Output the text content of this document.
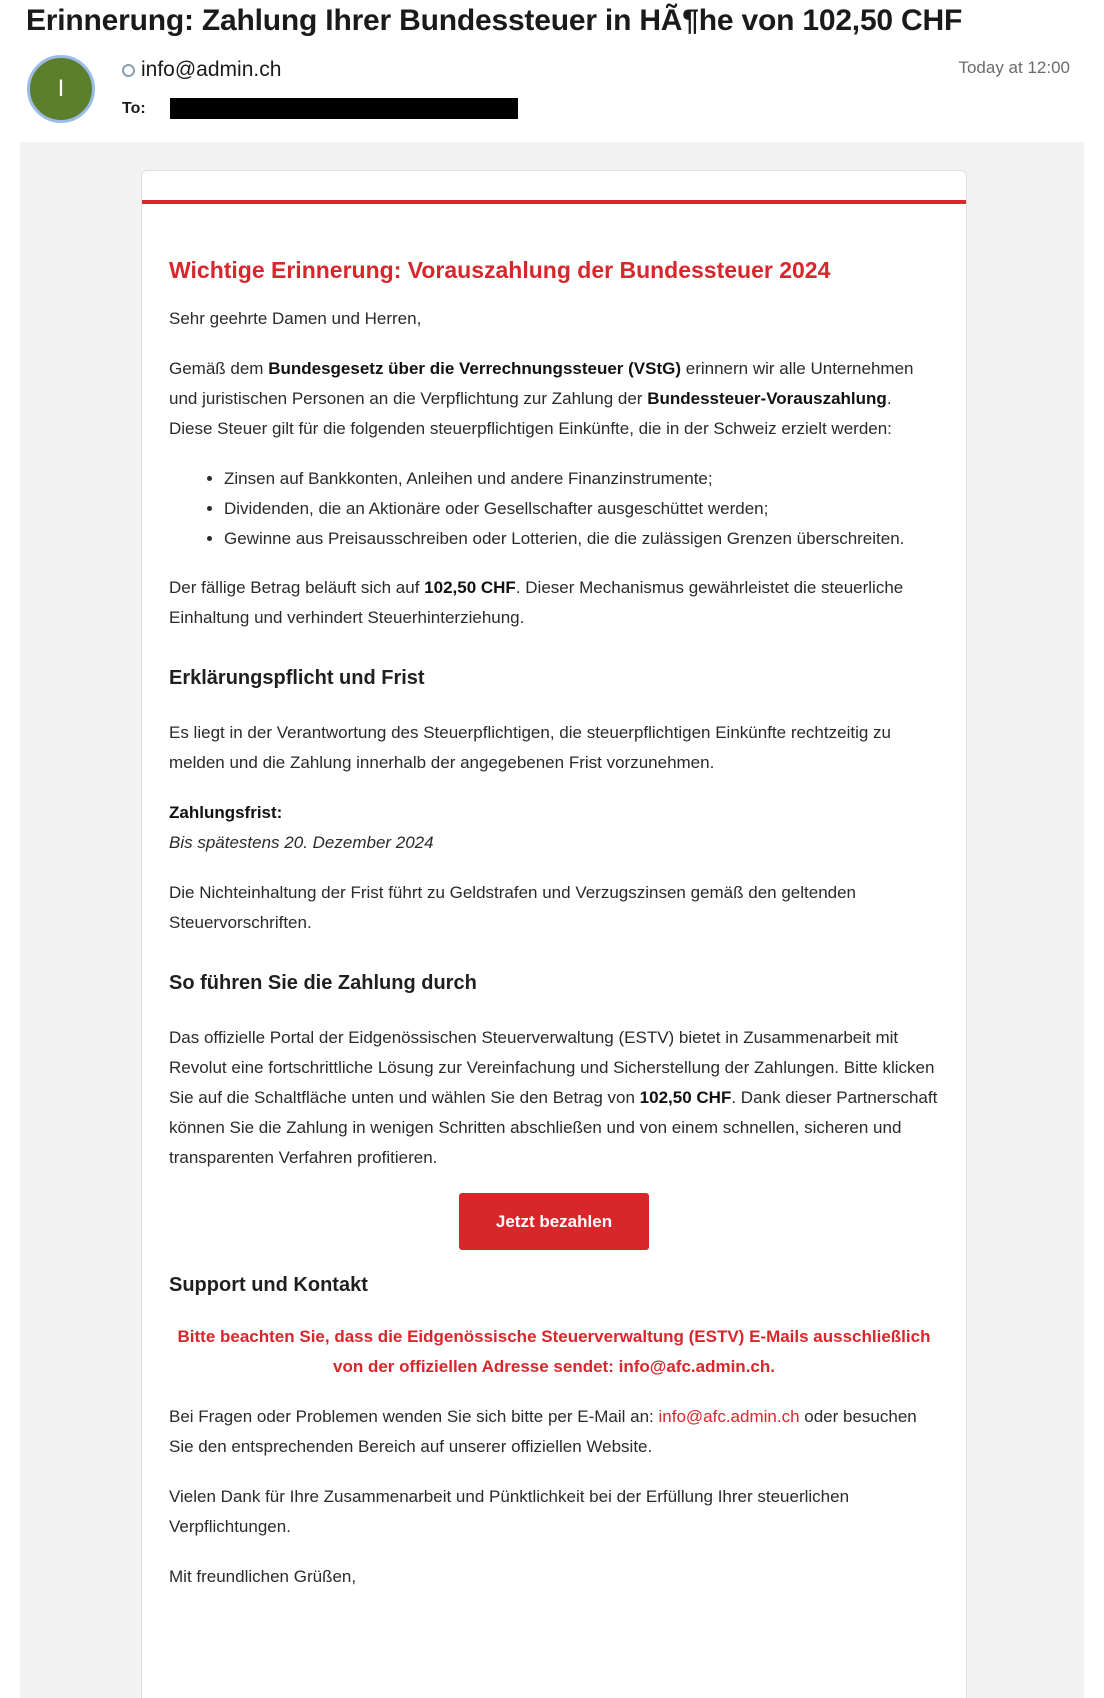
Erinnerung: Zahlung Ihrer Bundessteuer in HÃ¶he von 102,50 CHF
I
info@admin.ch
To:
Today at 12:00
Wichtige Erinnerung: Vorauszahlung der Bundessteuer 2024

Sehr geehrte Damen und Herren,

Gemäß dem Bundesgesetz über die Verrechnungssteuer (VStG) erinnern wir alle Unternehmen und juristischen Personen an die Verpflichtung zur Zahlung der Bundessteuer-Vorauszahlung. Diese Steuer gilt für die folgenden steuerpflichtigen Einkünfte, die in der Schweiz erzielt werden:

• Zinsen auf Bankkonten, Anleihen und andere Finanzinstrumente;
• Dividenden, die an Aktionäre oder Gesellschafter ausgeschüttet werden;
• Gewinne aus Preisausschreiben oder Lotterien, die die zulässigen Grenzen überschreiten.

Der fällige Betrag beläuft sich auf 102,50 CHF. Dieser Mechanismus gewährleistet die steuerliche Einhaltung und verhindert Steuerhinterziehung.

Erklärungspflicht und Frist

Es liegt in der Verantwortung des Steuerpflichtigen, die steuerpflichtigen Einkünfte rechtzeitig zu melden und die Zahlung innerhalb der angegebenen Frist vorzunehmen.

Zahlungsfrist:
Bis spätestens 20. Dezember 2024

Die Nichteinhaltung der Frist führt zu Geldstrafen und Verzugszinsen gemäß den geltenden Steuervorschriften.

So führen Sie die Zahlung durch

Das offizielle Portal der Eidgenössischen Steuerverwaltung (ESTV) bietet in Zusammenarbeit mit Revolut eine fortschrittliche Lösung zur Vereinfachung und Sicherstellung der Zahlungen. Bitte klicken Sie auf die Schaltfläche unten und wählen Sie den Betrag von 102,50 CHF. Dank dieser Partnerschaft können Sie die Zahlung in wenigen Schritten abschließen und von einem schnellen, sicheren und transparenten Verfahren profitieren.

Jetzt bezahlen
Support und Kontakt

Bitte beachten Sie, dass die Eidgenössische Steuerverwaltung (ESTV) E-Mails ausschließlich von der offiziellen Adresse sendet: info@afc.admin.ch.

Bei Fragen oder Problemen wenden Sie sich bitte per E-Mail an: info@afc.admin.ch oder besuchen Sie den entsprechenden Bereich auf unserer offiziellen Website.

Vielen Dank für Ihre Zusammenarbeit und Pünktlichkeit bei der Erfüllung Ihrer steuerlichen Verpflichtungen.

Mit freundlichen Grüßen,
